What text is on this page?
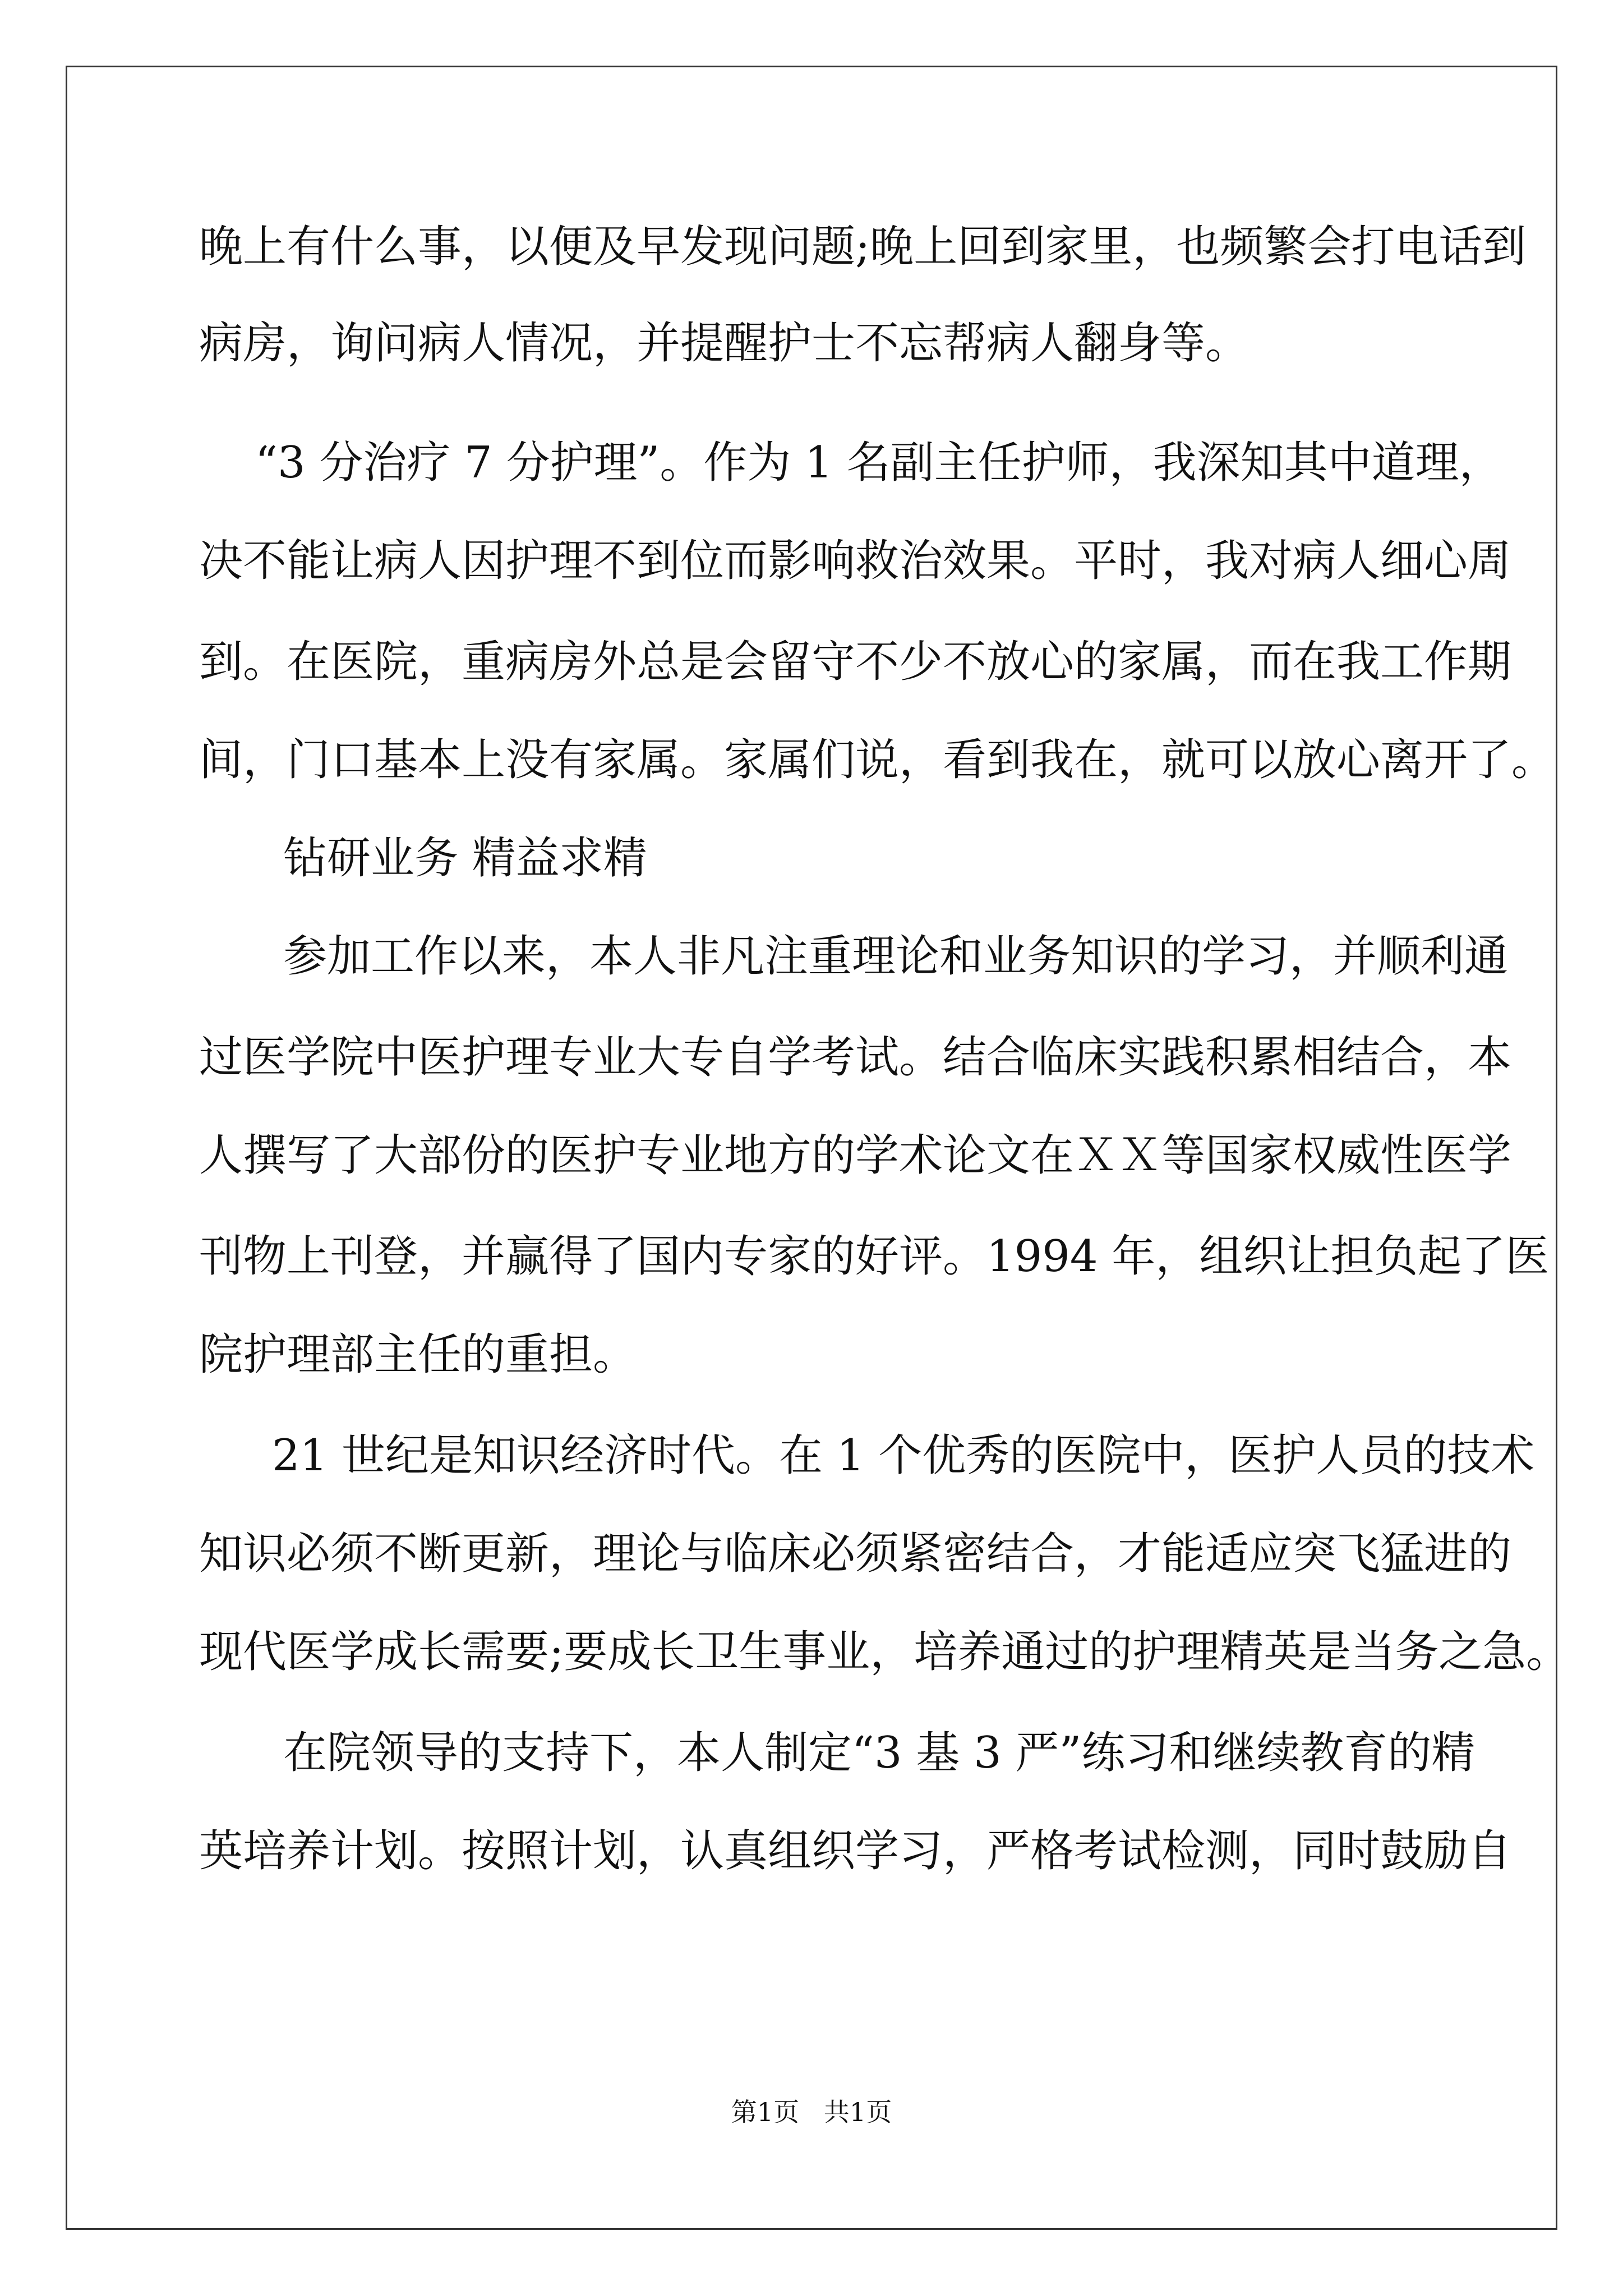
晚上有什么事，以便及早发现问题;晚上回到家里，也频繁会打电话到
病房，询问病人情况，并提醒护士不忘帮病人翻身等。
“3 分治疗 7 分护理”。作为 1 名副主任护师，我深知其中道理，
决不能让病人因护理不到位而影响救治效果。平时，我对病人细心周
到。在医院，重病房外总是会留守不少不放心的家属，而在我工作期
间，门口基本上没有家属。家属们说，看到我在，就可以放心离开了。
钻研业务 精益求精
参加工作以来，本人非凡注重理论和业务知识的学习，并顺利通
过医学院中医护理专业大专自学考试。结合临床实践积累相结合，本
人撰写了大部份的医护专业地方的学术论文在ＸＸ等国家权威性医学
刊物上刊登，并赢得了国内专家的好评。1994 年，组织让担负起了医
院护理部主任的重担。
21 世纪是知识经济时代。在 1 个优秀的医院中，医护人员的技术
知识必须不断更新，理论与临床必须紧密结合，才能适应突飞猛进的
现代医学成长需要;要成长卫生事业，培养通过的护理精英是当务之急。
在院领导的支持下，本人制定“3 基 3 严”练习和继续教育的精
英培养计划。按照计划，认真组织学习，严格考试检测，同时鼓励自
第1页   共1页
